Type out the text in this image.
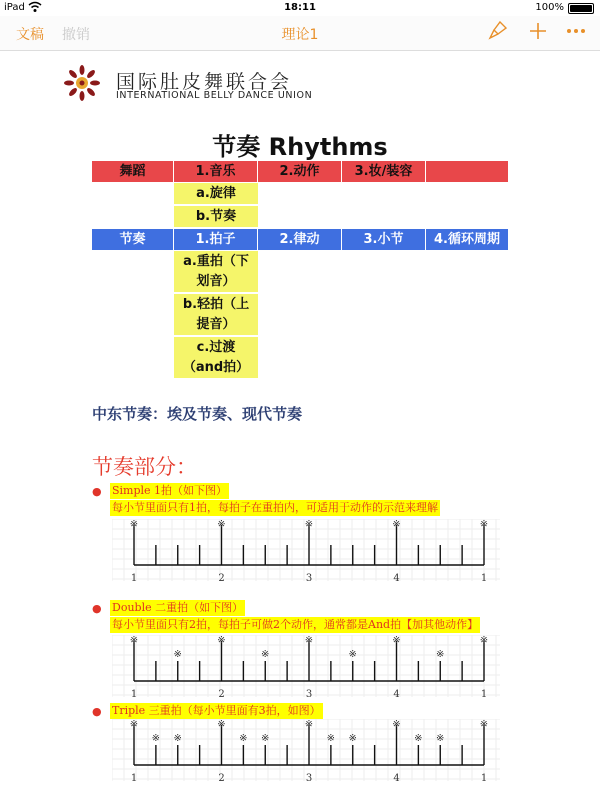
iPad	18:11	100%
文稿 撤销	理论1
国际肚皮舞联合会
INTERNATIONAL BELLY DANCE UNION
节奏 Rhythms
舞蹈	1.音乐	2.动作	3.妆/装容
a.旋律
b.节奏
节奏	1.拍子	2.律动	3.小节	4.循环周期
a.重拍（下划音）
b.轻拍（上提音）
c.过渡（and拍）
中东节奏：埃及节奏、现代节奏
节奏部分：
● Simple 1拍（如下图）
每小节里面只有1拍，每拍子在重拍内，可适用于动作的示范来理解
※	※	※	※	※
1	2	3	4	1
● Double 二重拍（如下图）
每小节里面只有2拍，每拍子可做2个动作，通常都是And拍【加其他动作】
※
※
※
※
※
※
※
※
※
1	2	3	4	1
● Triple 三重拍（每小节里面有3拍，如图）
※
※ ※
※
※ ※
※
※ ※
※
※ ※
※
1	2	3	4	1
